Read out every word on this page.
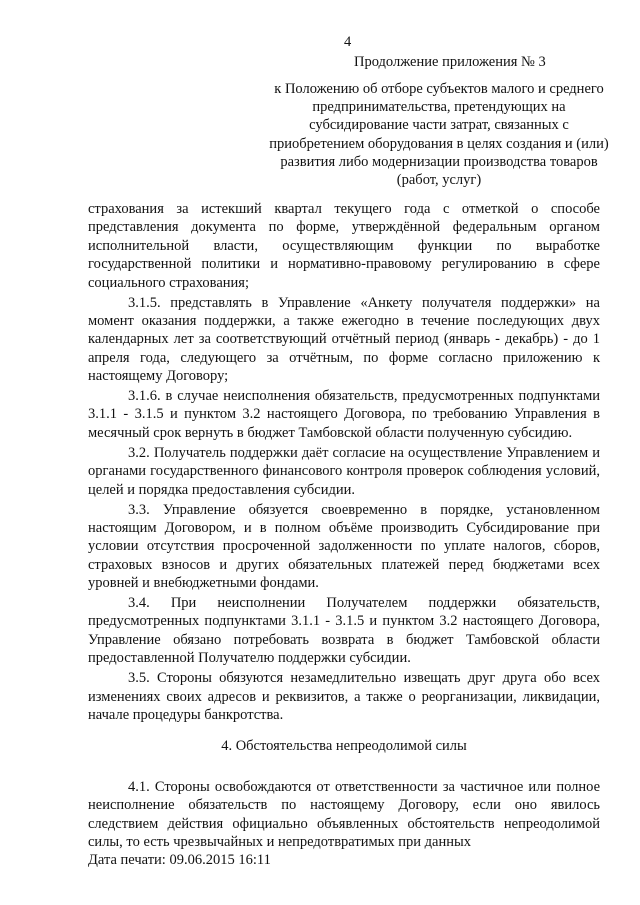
4
Продолжение приложения № 3
к Положению об отборе субъектов малого и среднего предпринимательства, претендующих на субсидирование части затрат, связанных с приобретением оборудования в целях создания и (или) развития либо модернизации производства товаров (работ, услуг)

страхования за истекший квартал текущего года с отметкой о способе представления документа по форме, утверждённой федеральным органом исполнительной власти, осуществляющим функции по выработке государственной политики и нормативно-правовому регулированию в сфере социального страхования;

3.1.5. представлять в Управление «Анкету получателя поддержки» на момент оказания поддержки, а также ежегодно в течение последующих двух календарных лет за соответствующий отчётный период (январь - декабрь) - до 1 апреля года, следующего за отчётным, по форме согласно приложению к настоящему Договору;

3.1.6. в случае неисполнения обязательств, предусмотренных подпунктами 3.1.1 - 3.1.5 и пунктом 3.2 настоящего Договора, по требованию Управления в месячный срок вернуть в бюджет Тамбовской области полученную субсидию.

3.2. Получатель поддержки даёт согласие на осуществление Управлением и органами государственного финансового контроля проверок соблюдения условий, целей и порядка предоставления субсидии.

3.3. Управление обязуется своевременно в порядке, установленном настоящим Договором, и в полном объёме производить Субсидирование при условии отсутствия просроченной задолженности по уплате налогов, сборов, страховых взносов и других обязательных платежей перед бюджетами всех уровней и внебюджетными фондами.

3.4. При неисполнении Получателем поддержки обязательств, предусмотренных подпунктами 3.1.1 - 3.1.5 и пунктом 3.2 настоящего Договора, Управление обязано потребовать возврата в бюджет Тамбовской области предоставленной Получателю поддержки субсидии.

3.5. Стороны обязуются незамедлительно извещать друг друга обо всех изменениях своих адресов и реквизитов, а также о реорганизации, ликвидации, начале процедуры банкротства.

4. Обстоятельства непреодолимой силы

4.1. Стороны освобождаются от ответственности за частичное или полное неисполнение обязательств по настоящему Договору, если оно явилось следствием действия официально объявленных обстоятельств непреодолимой силы, то есть чрезвычайных и непредотвратимых при данных

Дата печати: 09.06.2015 16:11
